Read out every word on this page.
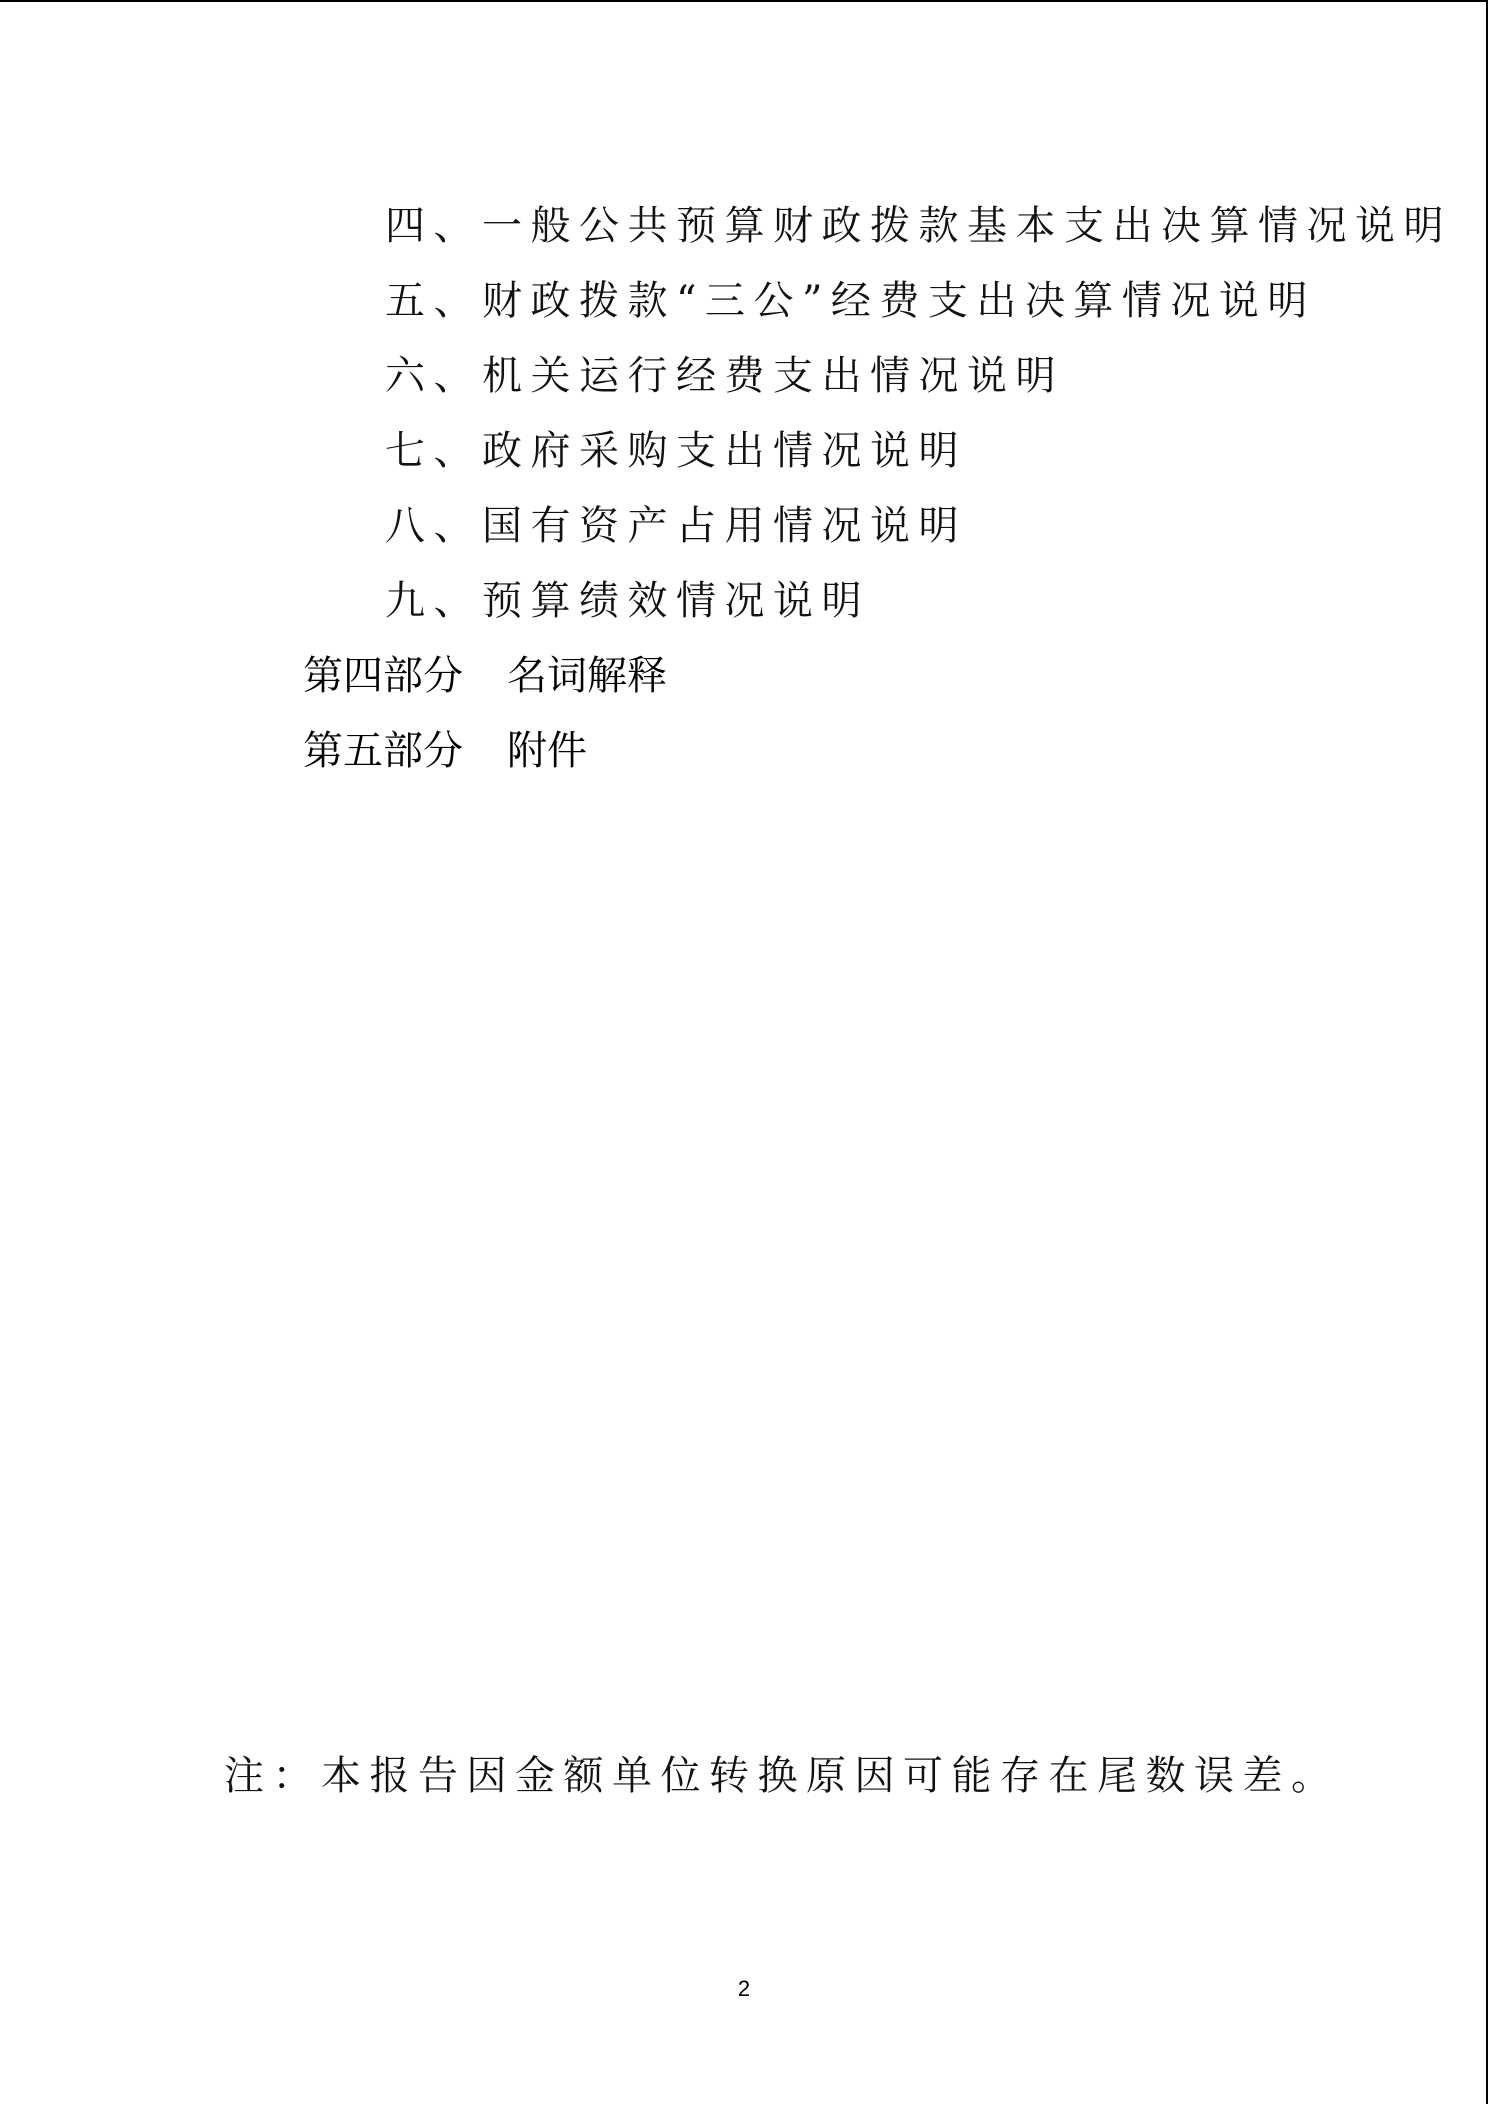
四、一般公共预算财政拨款基本支出决算情况说明
五、财政拨款“三公”经费支出决算情况说明
六、机关运行经费支出情况说明
七、政府采购支出情况说明
八、国有资产占用情况说明
九、预算绩效情况说明
第四部分 名词解释
第五部分 附件
注：本报告因金额单位转换原因可能存在尾数误差。
2
